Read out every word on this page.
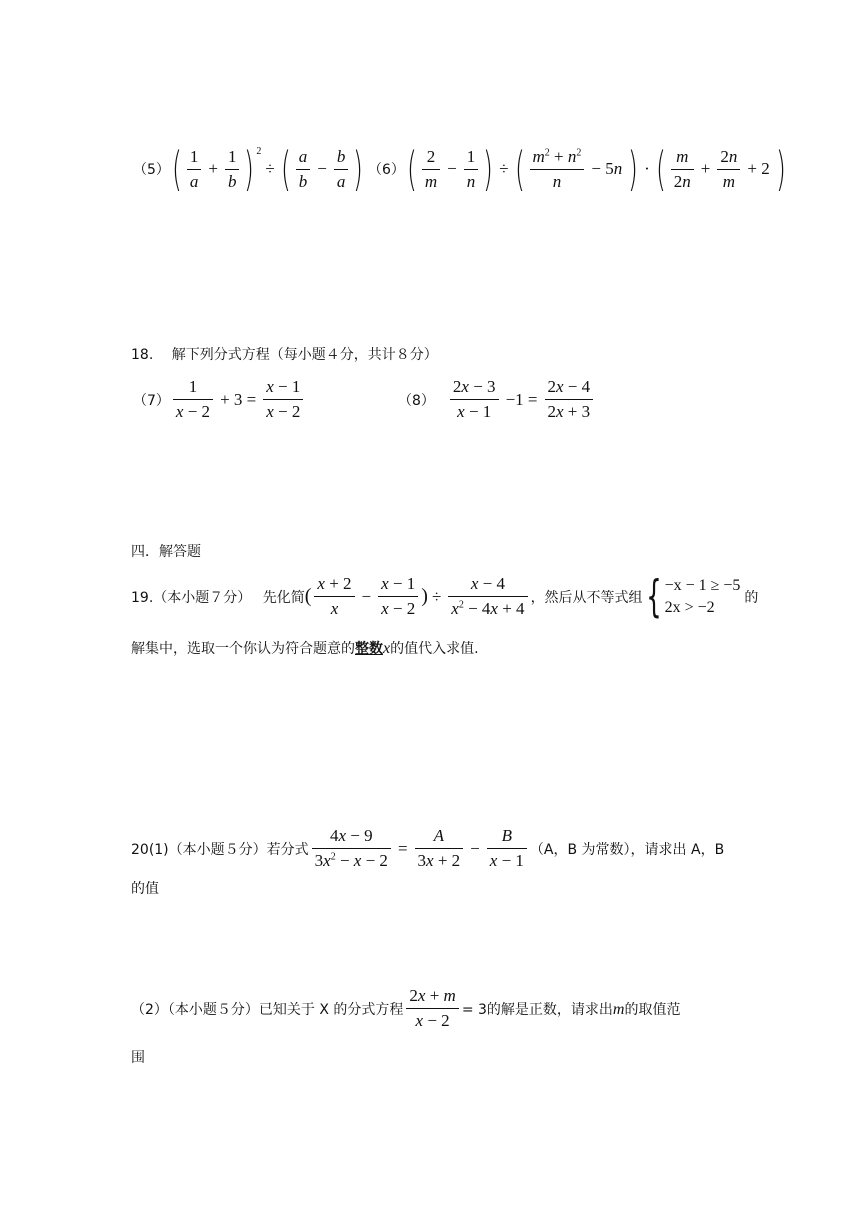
（5） ( $\frac{1}{a} + \frac{1}{b}$ ) 2
÷ ( $\frac{a}{b} - \frac{b}{a}$ ) （6） ( $\frac{2}{m} - \frac{1}{n}$ ) ÷ ( $\frac{m^2 + n^2}{n} - 5n$ ) · ( $\frac{m}{2n} + \frac{2n}{m} + 2$ )
18.　 解下列分式方程（每小题４分，共计８分）
$(7) \frac{1}{x - 2} + 3 = \frac{x - 1}{x - 2}$	$(8) \frac{2x - 3}{x - 1} -1 = \frac{2x - 4}{2x + 3}$
四．解答题
19.（本小题７分）　 先化简 ( $\frac{x + 2}{x} - \frac{x - 1}{x - 2}$ ) ÷ $\frac{x - 4}{x^2 - 4x + 4}$ ，然后从不等式组 { −x − 1 ≥ −5
2x > −2
的
解集中，选取一个你认为符合题意的整数x的值代入求值.
20(1)（本小题５分）若分式 $\frac{4x - 9}{3x^2 - x - 2} = \frac{A}{3x + 2} - \frac{B}{x - 1} (A$，B 为常数），请求出 A，B
的值
（2）（本小题５分）已知关于 X 的分式方程 $\frac{2x + m}{x - 2} = 3$的解是正数，请求出m的取值范
围
